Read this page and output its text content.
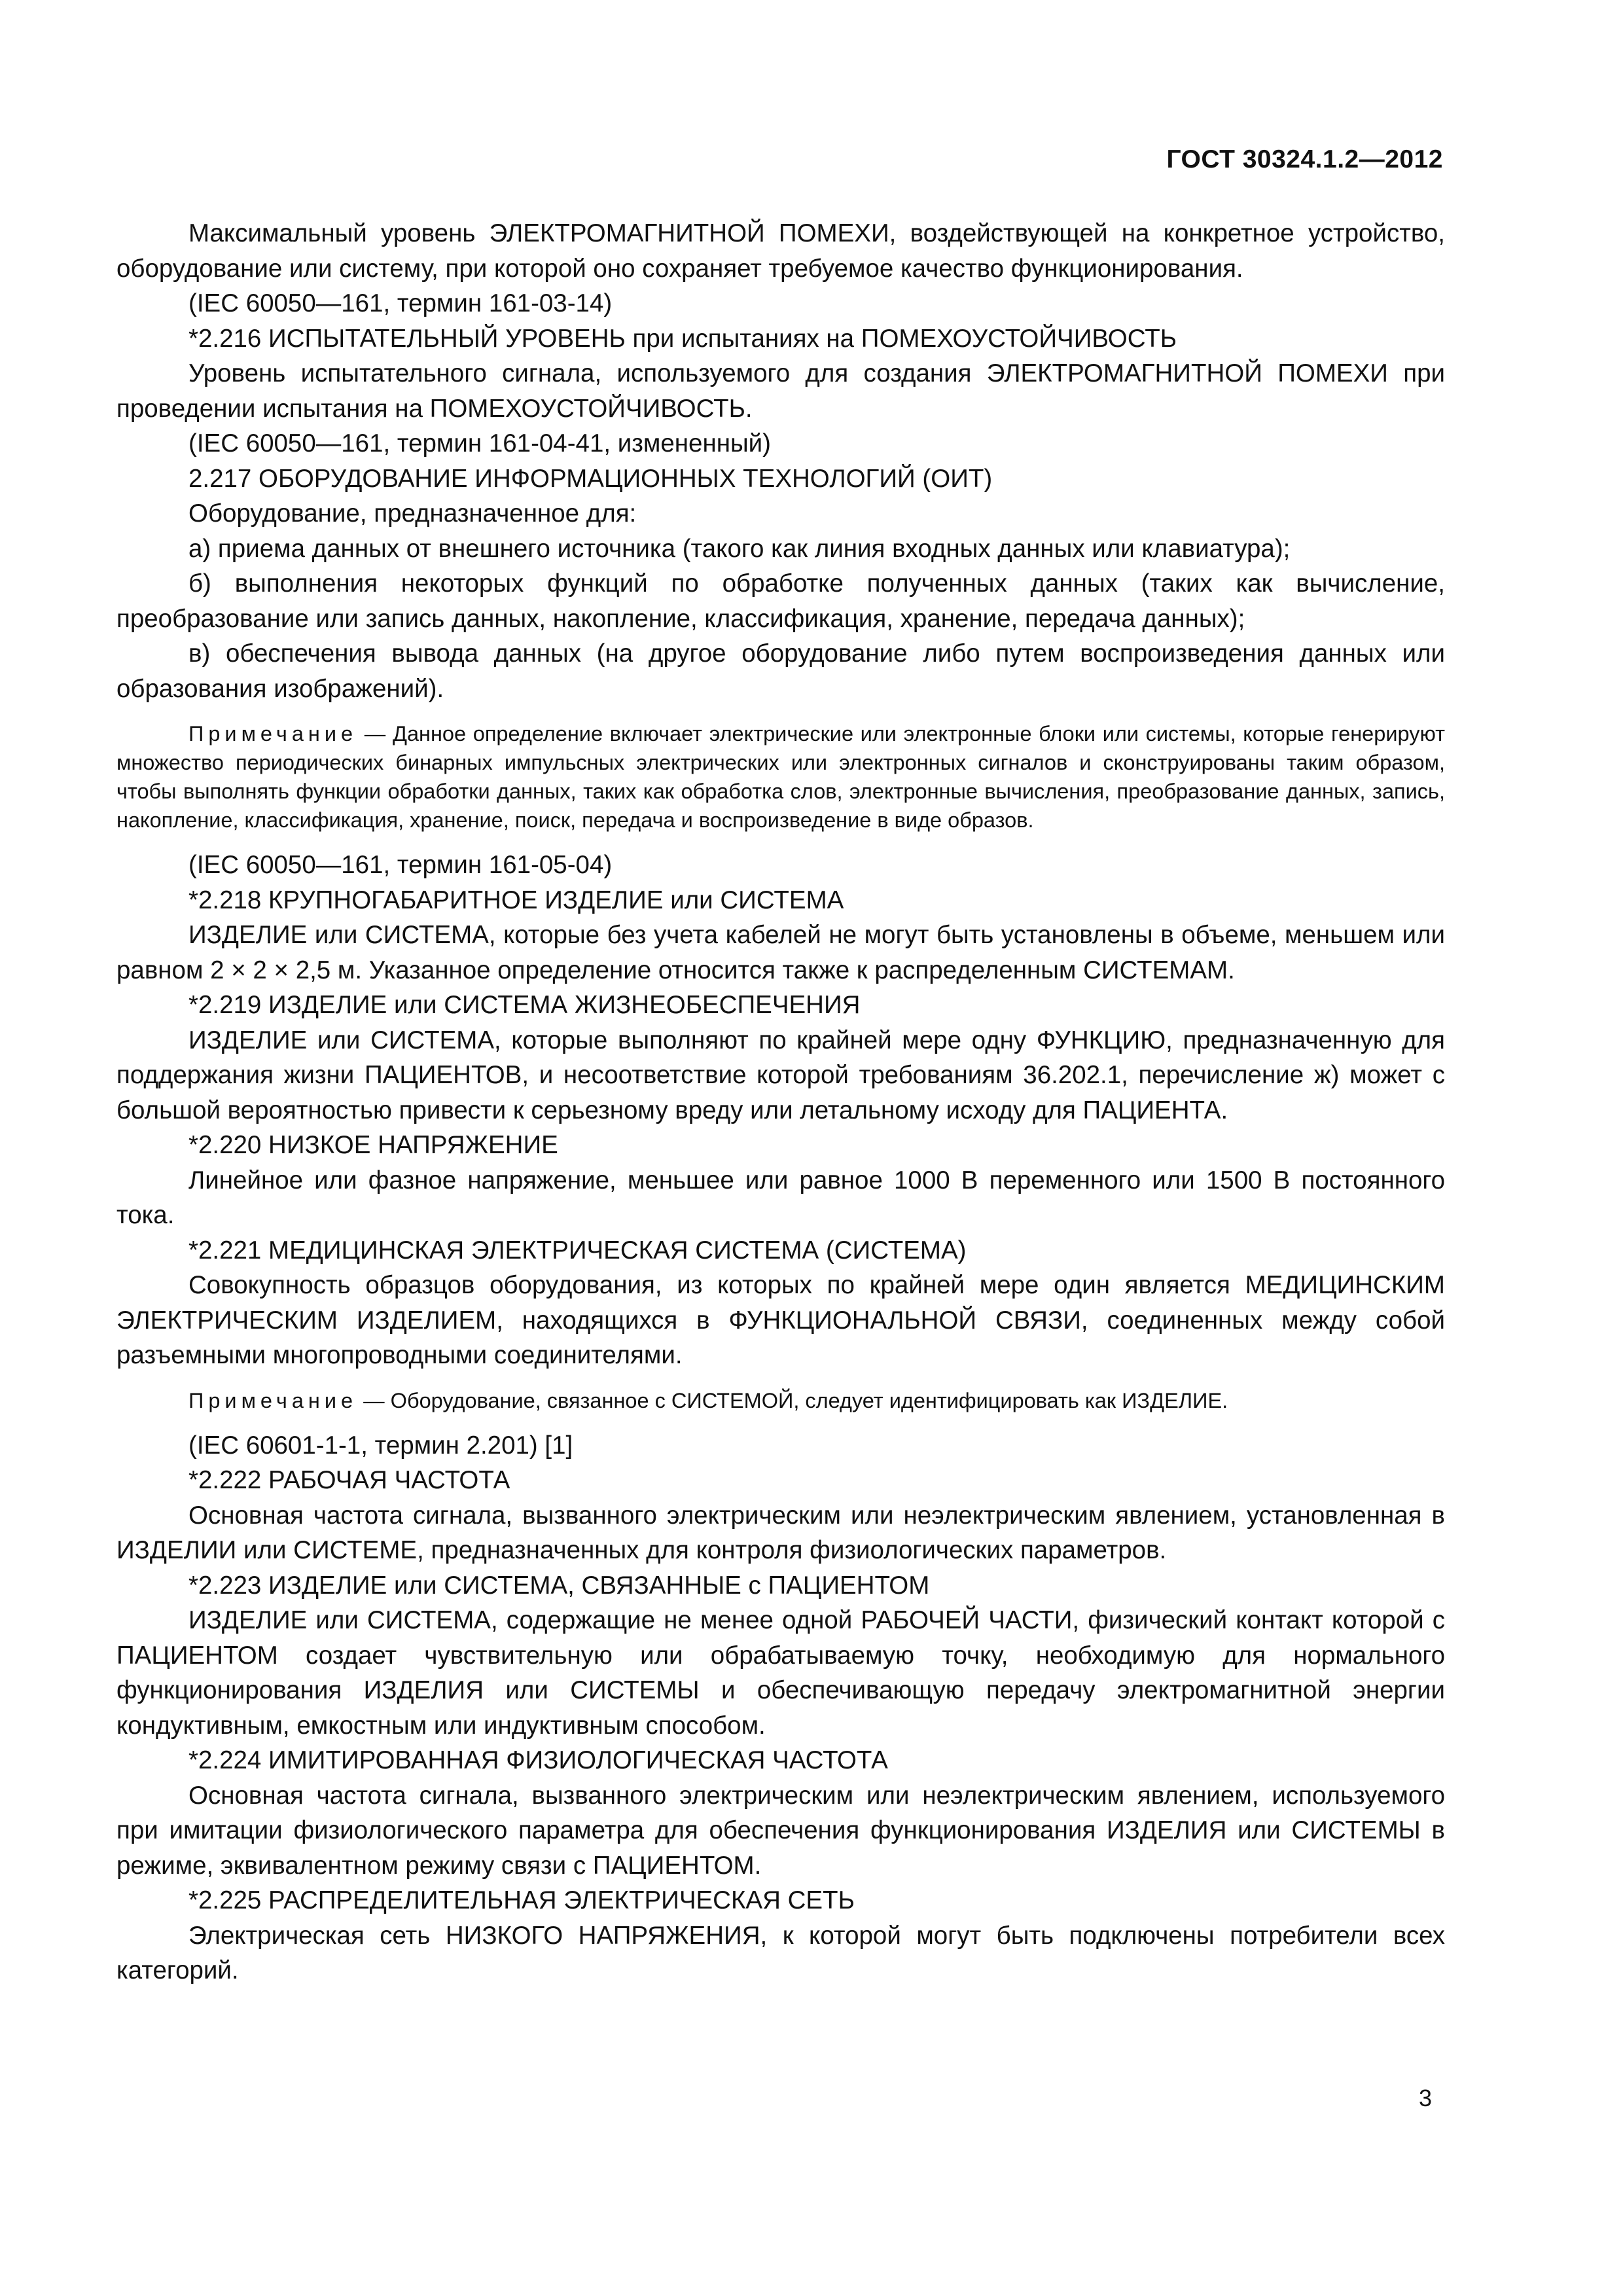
ГОСТ 30324.1.2—2012

Максимальный уровень ЭЛЕКТРОМАГНИТНОЙ ПОМЕХИ, воздействующей на конкретное устройство, оборудование или систему, при которой оно сохраняет требуемое качество функционирования.

(IEC 60050—161, термин 161-03-14)

*2.216 ИСПЫТАТЕЛЬНЫЙ УРОВЕНЬ при испытаниях на ПОМЕХОУСТОЙЧИВОСТЬ

Уровень испытательного сигнала, используемого для создания ЭЛЕКТРОМАГНИТНОЙ ПОМЕХИ при проведении испытания на ПОМЕХОУСТОЙЧИВОСТЬ.

(IEC 60050—161, термин 161-04-41, измененный)

2.217 ОБОРУДОВАНИЕ ИНФОРМАЦИОННЫХ ТЕХНОЛОГИЙ (ОИТ)

Оборудование, предназначенное для:

а) приема данных от внешнего источника (такого как линия входных данных или клавиатура);

б) выполнения некоторых функций по обработке полученных данных (таких как вычисление, преобразование или запись данных, накопление, классификация, хранение, передача данных);

в) обеспечения вывода данных (на другое оборудование либо путем воспроизведения данных или образования изображений).

Примечание — Данное определение включает электрические или электронные блоки или системы, которые генерируют множество периодических бинарных импульсных электрических или электронных сигналов и сконструированы таким образом, чтобы выполнять функции обработки данных, таких как обработка слов, электронные вычисления, преобразование данных, запись, накопление, классификация, хранение, поиск, передача и воспроизведение в виде образов.

(IEC 60050—161, термин 161-05-04)

*2.218 КРУПНОГАБАРИТНОЕ ИЗДЕЛИЕ или СИСТЕМА

ИЗДЕЛИЕ или СИСТЕМА, которые без учета кабелей не могут быть установлены в объеме, меньшем или равном 2 × 2 × 2,5 м. Указанное определение относится также к распределенным СИСТЕМАМ.

*2.219 ИЗДЕЛИЕ или СИСТЕМА ЖИЗНЕОБЕСПЕЧЕНИЯ

ИЗДЕЛИЕ или СИСТЕМА, которые выполняют по крайней мере одну ФУНКЦИЮ, предназначенную для поддержания жизни ПАЦИЕНТОВ, и несоответствие которой требованиям 36.202.1, перечисление ж) может с большой вероятностью привести к серьезному вреду или летальному исходу для ПАЦИЕНТА.

*2.220 НИЗКОЕ НАПРЯЖЕНИЕ

Линейное или фазное напряжение, меньшее или равное 1000 В переменного или 1500 В постоянного тока.

*2.221 МЕДИЦИНСКАЯ ЭЛЕКТРИЧЕСКАЯ СИСТЕМА (СИСТЕМА)

Совокупность образцов оборудования, из которых по крайней мере один является МЕДИЦИНСКИМ ЭЛЕКТРИЧЕСКИМ ИЗДЕЛИЕМ, находящихся в ФУНКЦИОНАЛЬНОЙ СВЯЗИ, соединенных между собой разъемными многопроводными соединителями.

Примечание — Оборудование, связанное с СИСТЕМОЙ, следует идентифицировать как ИЗДЕЛИЕ.

(IEC 60601-1-1, термин 2.201) [1]

*2.222 РАБОЧАЯ ЧАСТОТА

Основная частота сигнала, вызванного электрическим или неэлектрическим явлением, установленная в ИЗДЕЛИИ или СИСТЕМЕ, предназначенных для контроля физиологических параметров.

*2.223 ИЗДЕЛИЕ или СИСТЕМА, СВЯЗАННЫЕ с ПАЦИЕНТОМ

ИЗДЕЛИЕ или СИСТЕМА, содержащие не менее одной РАБОЧЕЙ ЧАСТИ, физический контакт которой с ПАЦИЕНТОМ создает чувствительную или обрабатываемую точку, необходимую для нормального функционирования ИЗДЕЛИЯ или СИСТЕМЫ и обеспечивающую передачу электромагнитной энергии кондуктивным, емкостным или индуктивным способом.

*2.224 ИМИТИРОВАННАЯ ФИЗИОЛОГИЧЕСКАЯ ЧАСТОТА

Основная частота сигнала, вызванного электрическим или неэлектрическим явлением, используемого при имитации физиологического параметра для обеспечения функционирования ИЗДЕЛИЯ или СИСТЕМЫ в режиме, эквивалентном режиму связи с ПАЦИЕНТОМ.

*2.225 РАСПРЕДЕЛИТЕЛЬНАЯ ЭЛЕКТРИЧЕСКАЯ СЕТЬ

Электрическая сеть НИЗКОГО НАПРЯЖЕНИЯ, к которой могут быть подключены потребители всех категорий.

3
